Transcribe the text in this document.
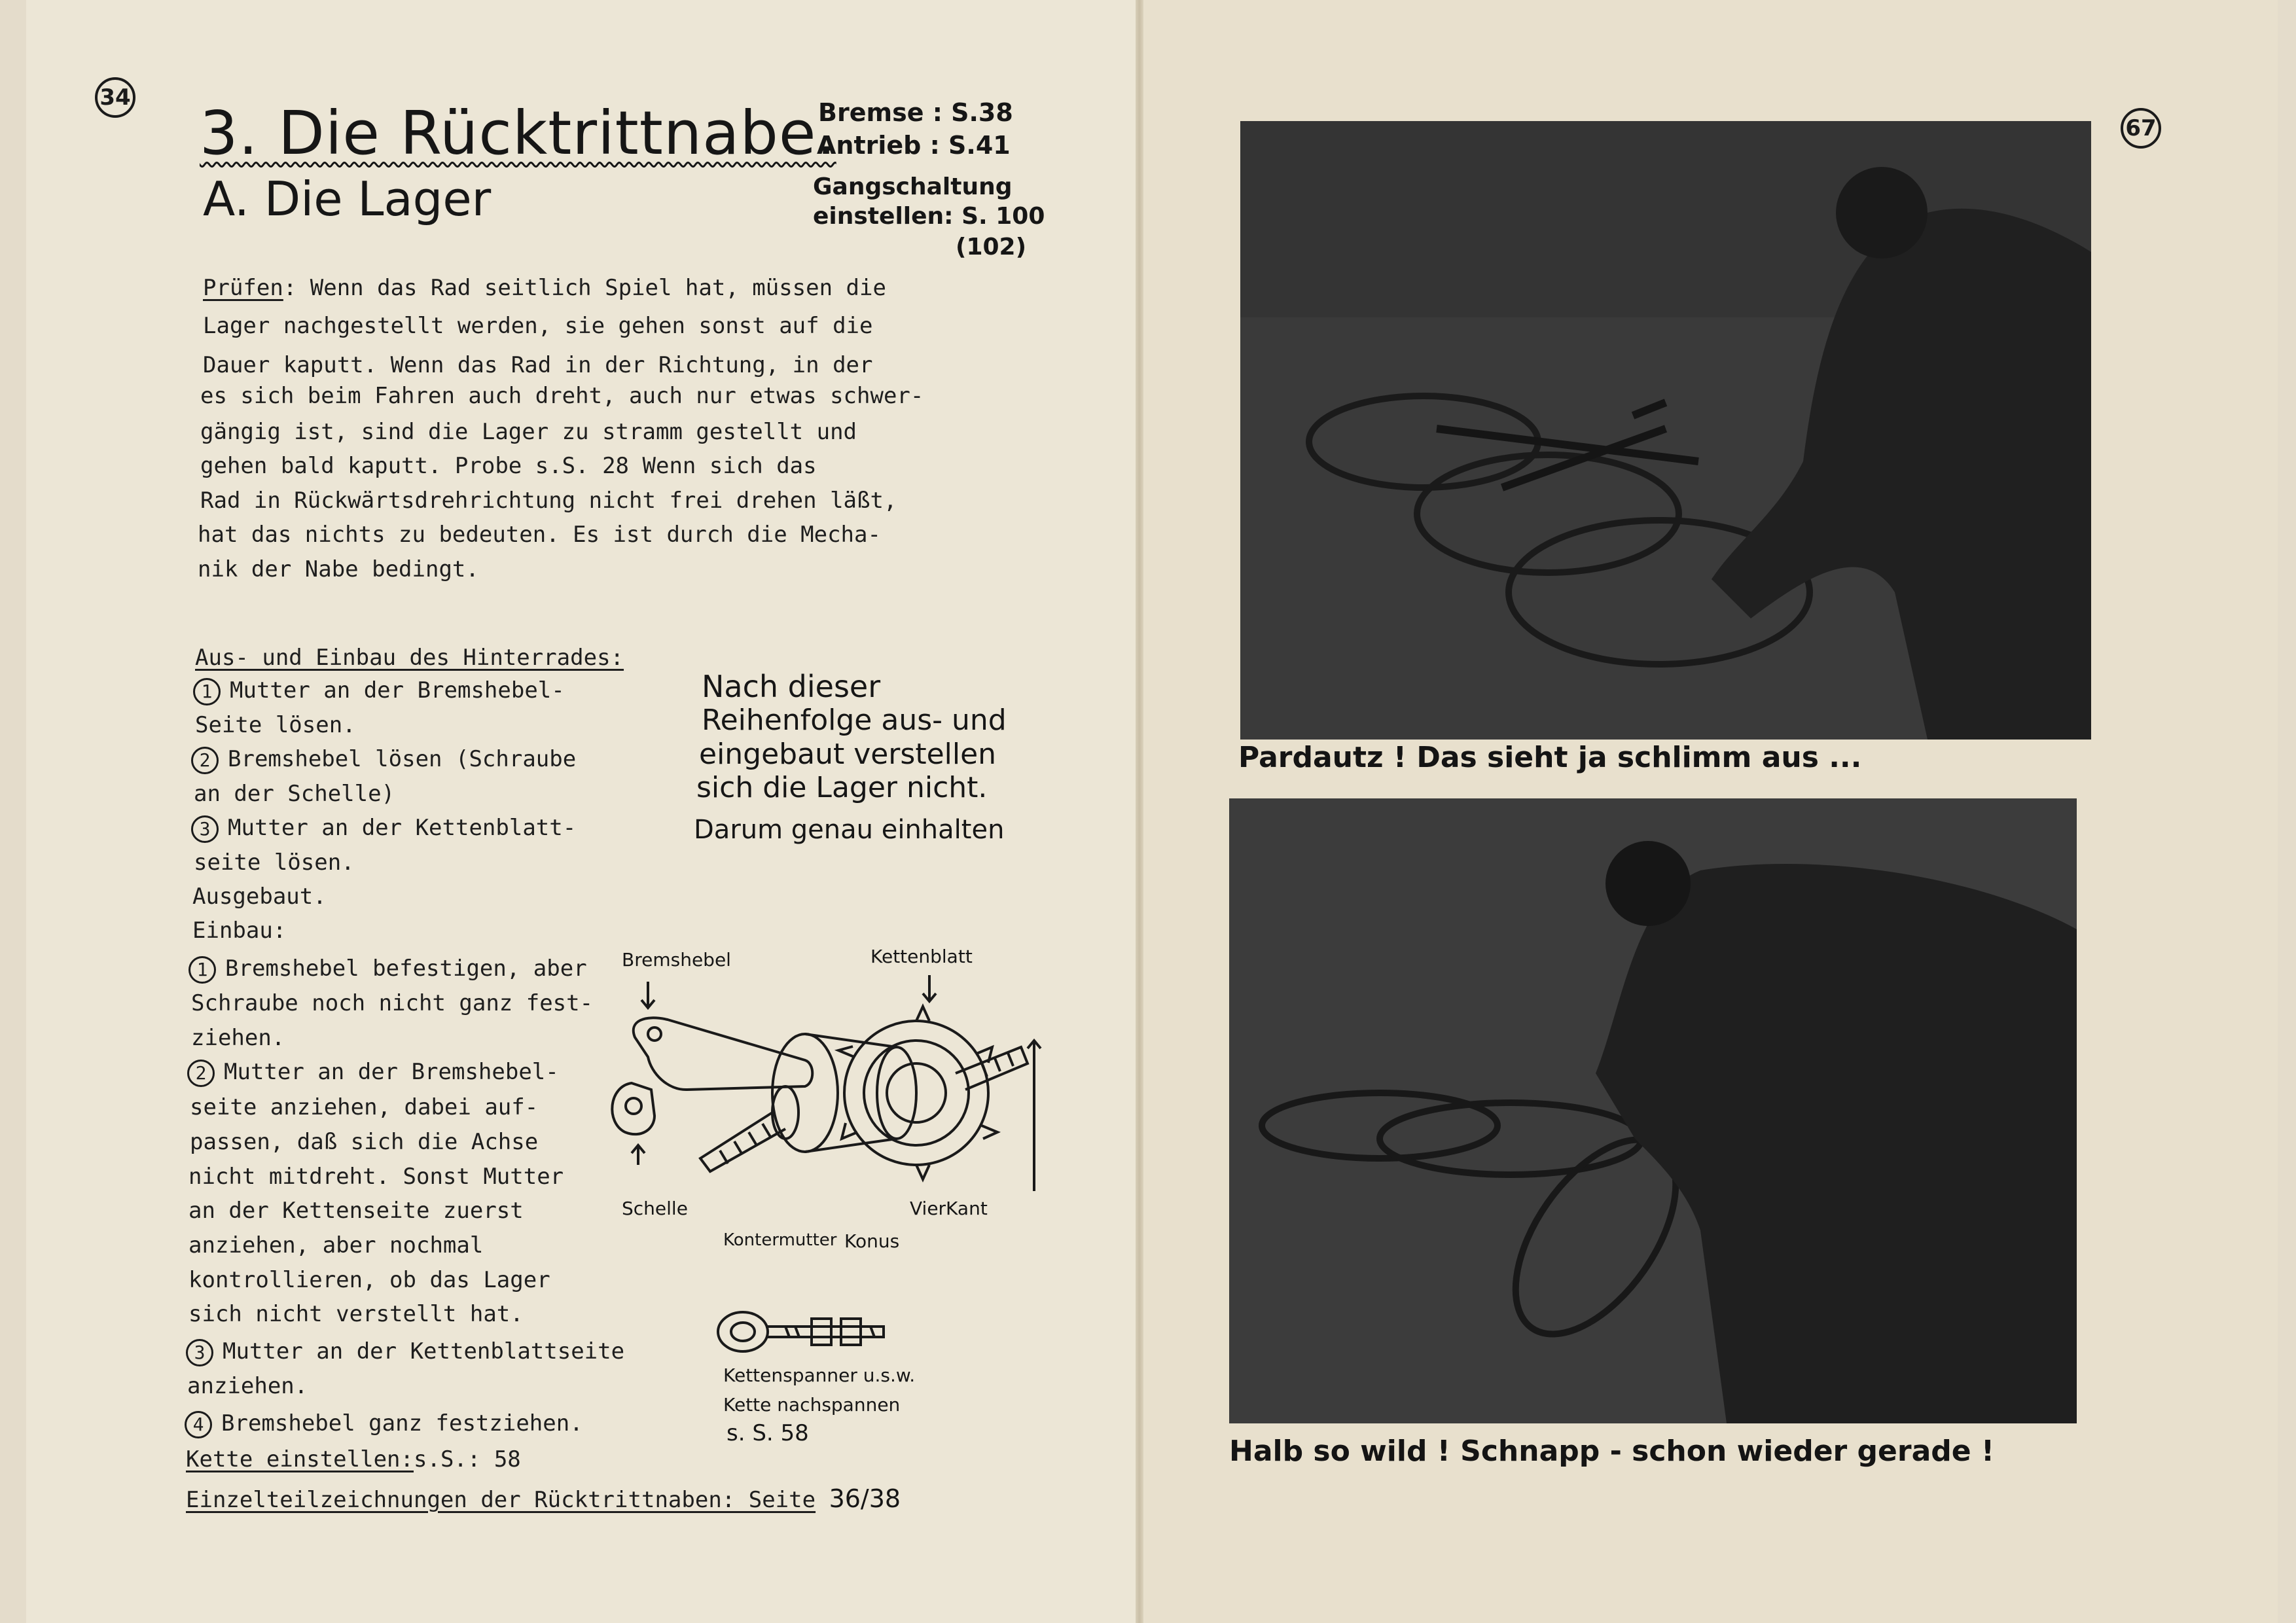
34
3. Die Rücktrittnabe.
A. Die Lager
Bremse : S.38
Antrieb : S.41
Gangschaltung
einstellen: S. 100
(102)
Prüfen: Wenn das Rad seitlich Spiel hat, müssen die
Lager nachgestellt werden, sie gehen sonst auf die
Dauer kaputt. Wenn das Rad in der Richtung, in der
es sich beim Fahren auch dreht, auch nur etwas schwer-
gängig ist, sind die Lager zu stramm gestellt und
gehen bald kaputt. Probe s.S. 28 Wenn sich das
Rad in Rückwärtsdrehrichtung nicht frei drehen läßt,
hat das nichts zu bedeuten. Es ist durch die Mecha-
nik der Nabe bedingt.
Aus- und Einbau des Hinterrades:
1 Mutter an der Bremshebel-
Seite lösen.
2 Bremshebel lösen (Schraube
an der Schelle)
3 Mutter an der Kettenblatt-
seite lösen.
Ausgebaut.
Einbau:
1 Bremshebel befestigen, aber
Schraube noch nicht ganz fest-
ziehen.
2 Mutter an der Bremshebel-
seite anziehen, dabei auf-
passen, daß sich die Achse
nicht mitdreht. Sonst Mutter
an der Kettenseite zuerst
anziehen, aber nochmal
kontrollieren, ob das Lager
sich nicht verstellt hat.
3 Mutter an der Kettenblattseite
anziehen.
4 Bremshebel ganz festziehen.
Kette einstellen:s.S.: 58
Einzelteilzeichnungen der Rücktrittnaben: Seite 36/38
Nach dieser
Reihenfolge aus- und
eingebaut verstellen
sich die Lager nicht.
Darum genau einhalten
Bremshebel	Kettenblatt
Schelle	VierKant
Kontermutter Konus
Kettenspanner u.s.w.
Kette nachspannen
s. S. 58
67
Pardautz ! Das sieht ja schlimm aus ...
Halb so wild ! Schnapp - schon wieder gerade !
